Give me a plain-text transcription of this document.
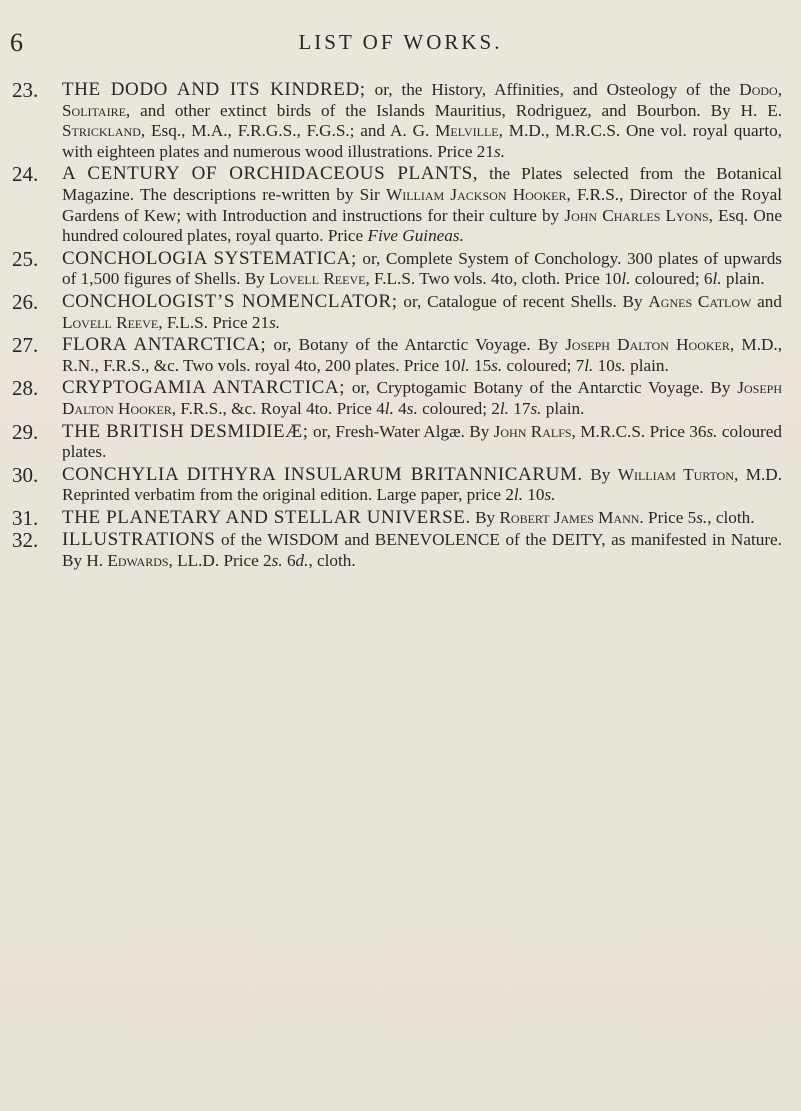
6	LIST OF WORKS.
23.	THE DODO AND ITS KINDRED; or, the History, Affinities, and Osteology of the Dodo, Solitaire, and other extinct birds of the Islands Mauritius, Rodriguez, and Bourbon. By H. E. Strickland, Esq., M.A., F.R.G.S., F.G.S.; and A. G. Melville, M.D., M.R.C.S. One vol. royal quarto, with eighteen plates and numerous wood illustrations. Price 21s.
24.	A CENTURY OF ORCHIDACEOUS PLANTS, the Plates selected from the Botanical Magazine. The descriptions re-written by Sir William Jackson Hooker, F.R.S., Director of the Royal Gardens of Kew; with Introduction and instructions for their culture by John Charles Lyons, Esq. One hundred coloured plates, royal quarto. Price Five Guineas.
25.	CONCHOLOGIA SYSTEMATICA; or, Complete System of Conchology. 300 plates of upwards of 1,500 figures of Shells. By Lovell Reeve, F.L.S. Two vols. 4to, cloth. Price 10l. coloured; 6l. plain.
26.	CONCHOLOGIST’S NOMENCLATOR; or, Catalogue of recent Shells. By Agnes Catlow and Lovell Reeve, F.L.S. Price 21s.
27.	FLORA ANTARCTICA; or, Botany of the Antarctic Voyage. By Joseph Dalton Hooker, M.D., R.N., F.R.S., &c. Two vols. royal 4to, 200 plates. Price 10l. 15s. coloured; 7l. 10s. plain.
28.	CRYPTOGAMIA ANTARCTICA; or, Cryptogamic Botany of the Antarctic Voyage. By Joseph Dalton Hooker, F.R.S., &c. Royal 4to. Price 4l. 4s. coloured; 2l. 17s. plain.
29.	THE BRITISH DESMIDIEÆ; or, Fresh-Water Algæ. By John Ralfs, M.R.C.S. Price 36s. coloured plates.
30.	CONCHYLIA DITHYRA INSULARUM BRITANNICARUM. By William Turton, M.D. Reprinted verbatim from the original edition. Large paper, price 2l. 10s.
31.	THE PLANETARY AND STELLAR UNIVERSE. By Robert James Mann. Price 5s., cloth.
32.	ILLUSTRATIONS of the WISDOM and BENEVOLENCE of the DEITY, as manifested in Nature. By H. Edwards, LL.D. Price 2s. 6d., cloth.
